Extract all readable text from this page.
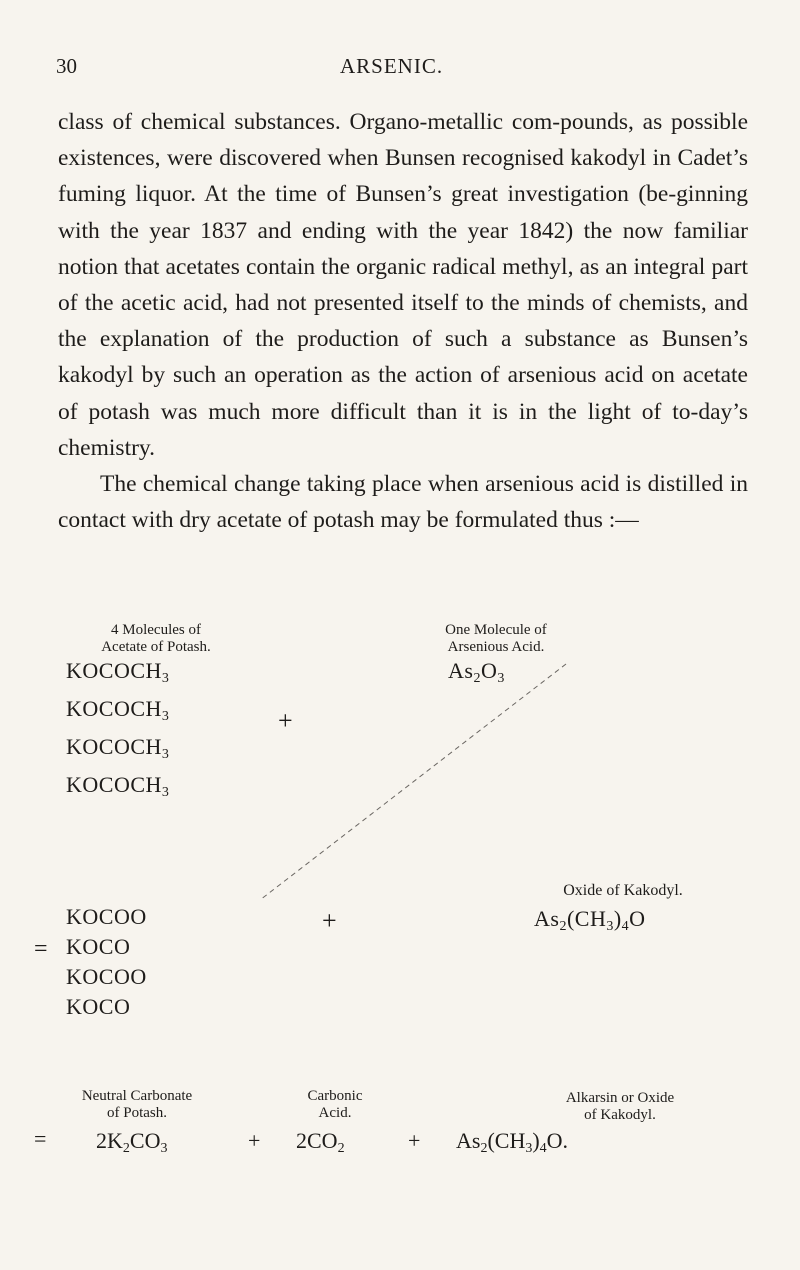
30	ARSENIC.

class of chemical substances. Organo-metallic com-pounds, as possible existences, were discovered when Bunsen recognised kakodyl in Cadet’s fuming liquor. At the time of Bunsen’s great investigation (be-ginning with the year 1837 and ending with the year 1842) the now familiar notion that acetates contain the organic radical methyl, as an integral part of the acetic acid, had not presented itself to the minds of chemists, and the explanation of the production of such a substance as Bunsen’s kakodyl by such an operation as the action of arsenious acid on acetate of potash was much more difficult than it is in the light of to-day’s chemistry.

The chemical change taking place when arsenious acid is distilled in contact with dry acetate of potash may be formulated thus :—

4 Molecules of
Acetate of Potash.
$KOCOCH_3$
$KOCOCH_3$
$KOCOCH_3$
$KOCOCH_3$
+
One Molecule of
Arsenious Acid.
$As_2O_3$
=
KOCOO
KOCO
KOCOO
KOCO
+
Oxide of Kakodyl.
$As_2(CH_3)_4O$
Neutral Carbonate
of Potash.
Carbonic
Acid.
Alkarsin or Oxide
of Kakodyl.
= $2K_2CO_3$	+ $2CO_2$	+ $As_2(CH_3)_4O$.
